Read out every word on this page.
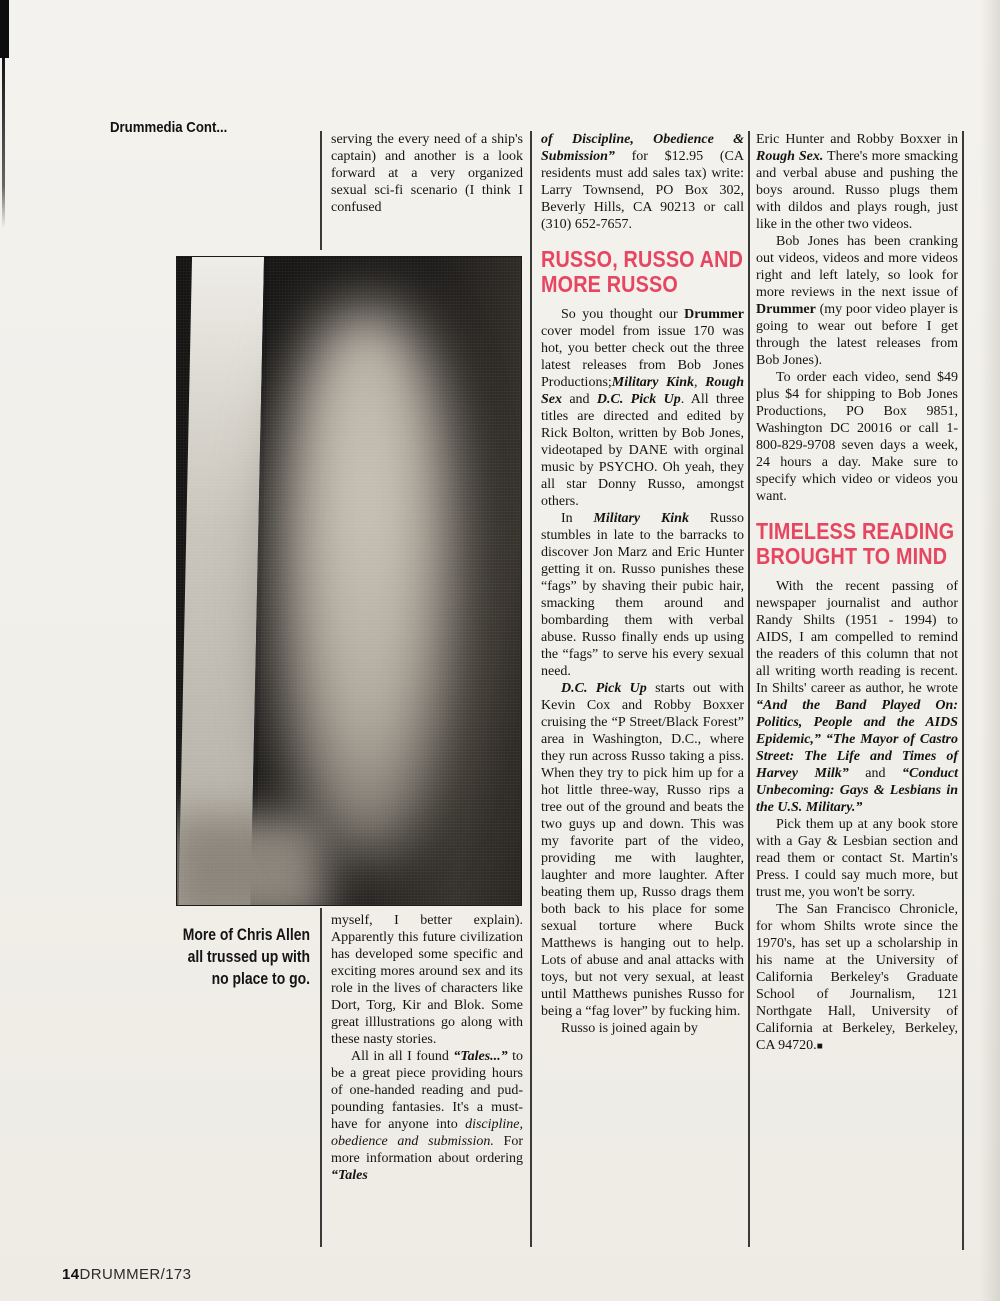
Drummedia Cont...

serving the every need of a ship's captain) and another is a look forward at a very organized sexual sci-fi scenario (I think I confused

More of Chris Allen
all trussed up with
no place to go.

myself, I better explain). Apparently this future civilization has developed some specific and exciting mores around sex and its role in the lives of characters like Dort, Torg, Kir and Blok. Some great illlustrations go along with these nasty stories.

All in all I found “Tales...” to be a great piece providing hours of one-handed reading and pud-pounding fantasies. It's a must-have for anyone into discipline, obedience and submission. For more information about ordering “Tales

of Discipline, Obedience & Submission” for $12.95 (CA residents must add sales tax) write: Larry Townsend, PO Box 302, Beverly Hills, CA 90213 or call (310) 652-7657.

RUSSO, RUSSO AND
MORE RUSSO

So you thought our Drummer cover model from issue 170 was hot, you better check out the three latest releases from Bob Jones Productions;Military Kink, Rough Sex and D.C. Pick Up. All three titles are directed and edited by Rick Bolton, written by Bob Jones, videotaped by DANE with orginal music by PSYCHO. Oh yeah, they all star Donny Russo, amongst others.

In Military Kink Russo stumbles in late to the barracks to discover Jon Marz and Eric Hunter getting it on. Russo punishes these “fags” by shaving their pubic hair, smacking them around and bombarding them with verbal abuse. Russo finally ends up using the “fags” to serve his every sexual need.

D.C. Pick Up starts out with Kevin Cox and Robby Boxxer cruising the “P Street/Black Forest” area in Washington, D.C., where they run across Russo taking a piss. When they try to pick him up for a hot little three-way, Russo rips a tree out of the ground and beats the two guys up and down. This was my favorite part of the video, providing me with laughter, laughter and more laughter. After beating them up, Russo drags them both back to his place for some sexual torture where Buck Matthews is hanging out to help. Lots of abuse and anal attacks with toys, but not very sexual, at least until Matthews punishes Russo for being a “fag lover” by fucking him.

Russo is joined again by

Eric Hunter and Robby Boxxer in Rough Sex. There's more smacking and verbal abuse and pushing the boys around. Russo plugs them with dildos and plays rough, just like in the other two videos.

Bob Jones has been cranking out videos, videos and more videos right and left lately, so look for more reviews in the next issue of Drummer (my poor video player is going to wear out before I get through the latest releases from Bob Jones).

To order each video, send $49 plus $4 for shipping to Bob Jones Productions, PO Box 9851, Washington DC 20016 or call 1-800-829-9708 seven days a week, 24 hours a day. Make sure to specify which video or videos you want.

TIMELESS READING
BROUGHT TO MIND

With the recent passing of newspaper journalist and author Randy Shilts (1951 - 1994) to AIDS, I am compelled to remind the readers of this column that not all writing worth reading is recent. In Shilts' career as author, he wrote “And the Band Played On: Politics, People and the AIDS Epidemic,” “The Mayor of Castro Street: The Life and Times of Harvey Milk” and “Conduct Unbecoming: Gays & Lesbians in the U.S. Military.”

Pick them up at any book store with a Gay & Lesbian section and read them or contact St. Martin's Press. I could say much more, but trust me, you won't be sorry.

The San Francisco Chronicle, for whom Shilts wrote since the 1970's, has set up a scholarship in his name at the University of California Berkeley's Graduate School of Journalism, 121 Northgate Hall, University of California at Berkeley, Berkeley, CA 94720.■

14DRUMMER/173
